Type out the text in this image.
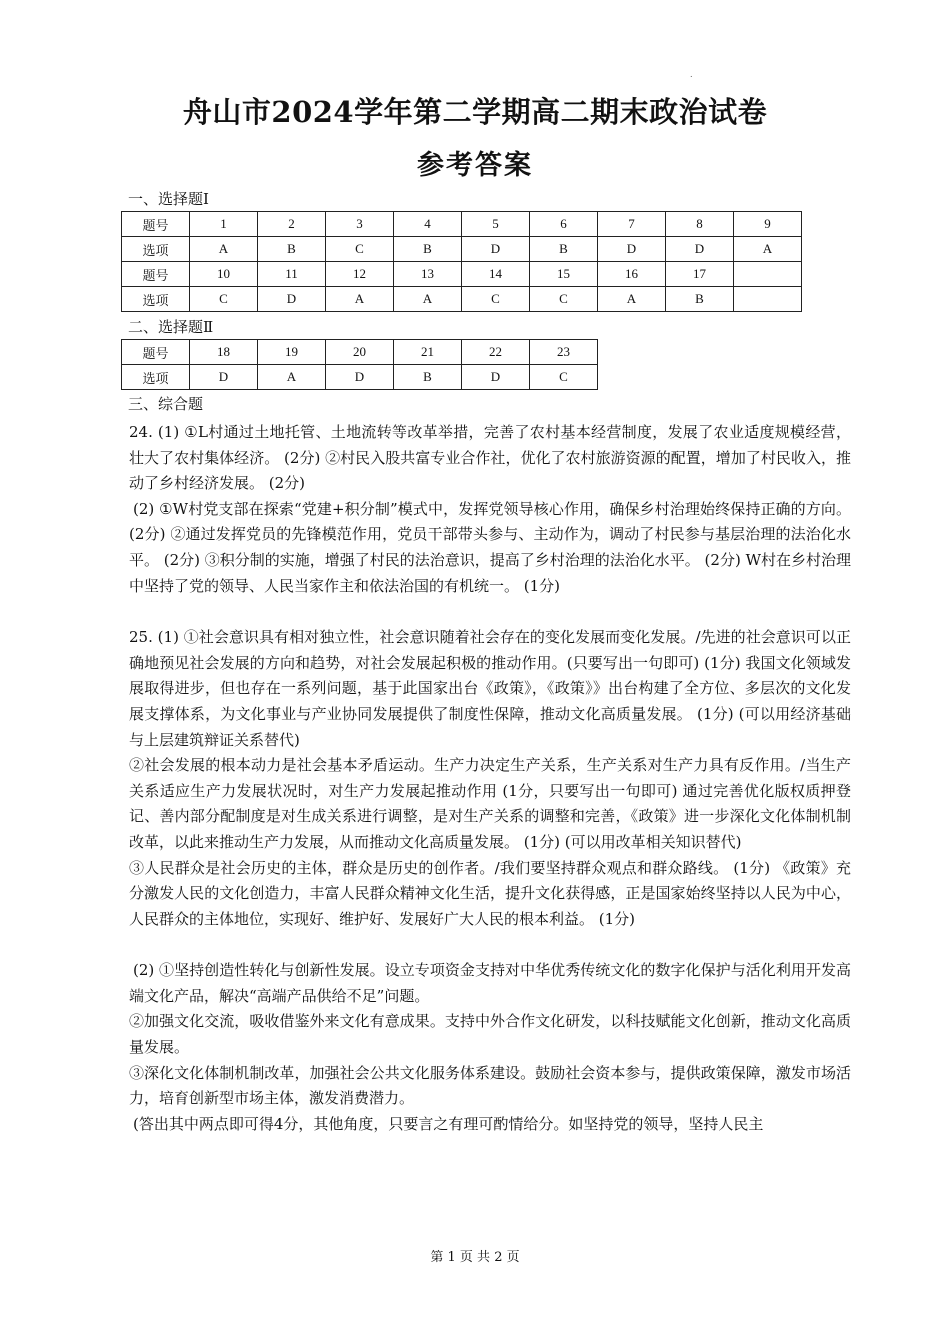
.
舟山市2024学年第二学期高二期末政治试卷
参考答案
一、选择题Ⅰ
题号	1	2	3	4	5	6	7	8	9
选项	A	B	C	B	D	B	D	D	A
题号	10	11	12	13	14	15	16	17	
选项	C	D	A	A	C	C	A	B	
二、选择题Ⅱ
题号	18	19	20	21	22	23
选项	D	A	D	B	D	C
三、综合题

24. (1) ①L村通过土地托管、土地流转等改革举措，完善了农村基本经营制度，发展了农业适度规模经营，壮大了农村集体经济。 (2分) ②村民入股共富专业合作社，优化了农村旅游资源的配置，增加了村民收入，推动了乡村经济发展。 (2分)

(2) ①W村党支部在探索“党建+积分制”模式中，发挥党领导核心作用，确保乡村治理始终保持正确的方向。 (2分) ②通过发挥党员的先锋模范作用，党员干部带头参与、主动作为，调动了村民参与基层治理的法治化水平。 (2分) ③积分制的实施，增强了村民的法治意识，提高了乡村治理的法治化水平。 (2分) W村在乡村治理中坚持了党的领导、人民当家作主和依法治国的有机统一。 (1分)

25. (1) ①社会意识具有相对独立性，社会意识随着社会存在的变化发展而变化发展。/先进的社会意识可以正确地预见社会发展的方向和趋势，对社会发展起积极的推动作用。(只要写出一句即可) (1分) 我国文化领域发展取得进步，但也存在一系列问题，基于此国家出台《政策》，《政策》》出台构建了全方位、多层次的文化发展支撑体系，为文化事业与产业协同发展提供了制度性保障，推动文化高质量发展。 (1分) (可以用经济基础与上层建筑辩证关系替代)

②社会发展的根本动力是社会基本矛盾运动。生产力决定生产关系，生产关系对生产力具有反作用。/当生产关系适应生产力发展状况时，对生产力发展起推动作用 (1分，只要写出一句即可) 通过完善优化版权质押登记、善内部分配制度是对生成关系进行调整，是对生产关系的调整和完善，《政策》进一步深化文化体制机制改革，以此来推动生产力发展，从而推动文化高质量发展。 (1分) (可以用改革相关知识替代)

③人民群众是社会历史的主体，群众是历史的创作者。/我们要坚持群众观点和群众路线。 (1分) 《政策》充分激发人民的文化创造力，丰富人民群众精神文化生活，提升文化获得感，正是国家始终坚持以人民为中心，人民群众的主体地位，实现好、维护好、发展好广大人民的根本利益。 (1分)

(2) ①坚持创造性转化与创新性发展。设立专项资金支持对中华优秀传统文化的数字化保护与活化利用开发高端文化产品，解决“高端产品供给不足”问题。

②加强文化交流，吸收借鉴外来文化有意成果。支持中外合作文化研发，以科技赋能文化创新，推动文化高质量发展。

③深化文化体制机制改革，加强社会公共文化服务体系建设。鼓励社会资本参与，提供政策保障，激发市场活力，培育创新型市场主体，激发消费潜力。

(答出其中两点即可得4分，其他角度，只要言之有理可酌情给分。如坚持党的领导，坚持人民主

第 1 页 共 2 页
